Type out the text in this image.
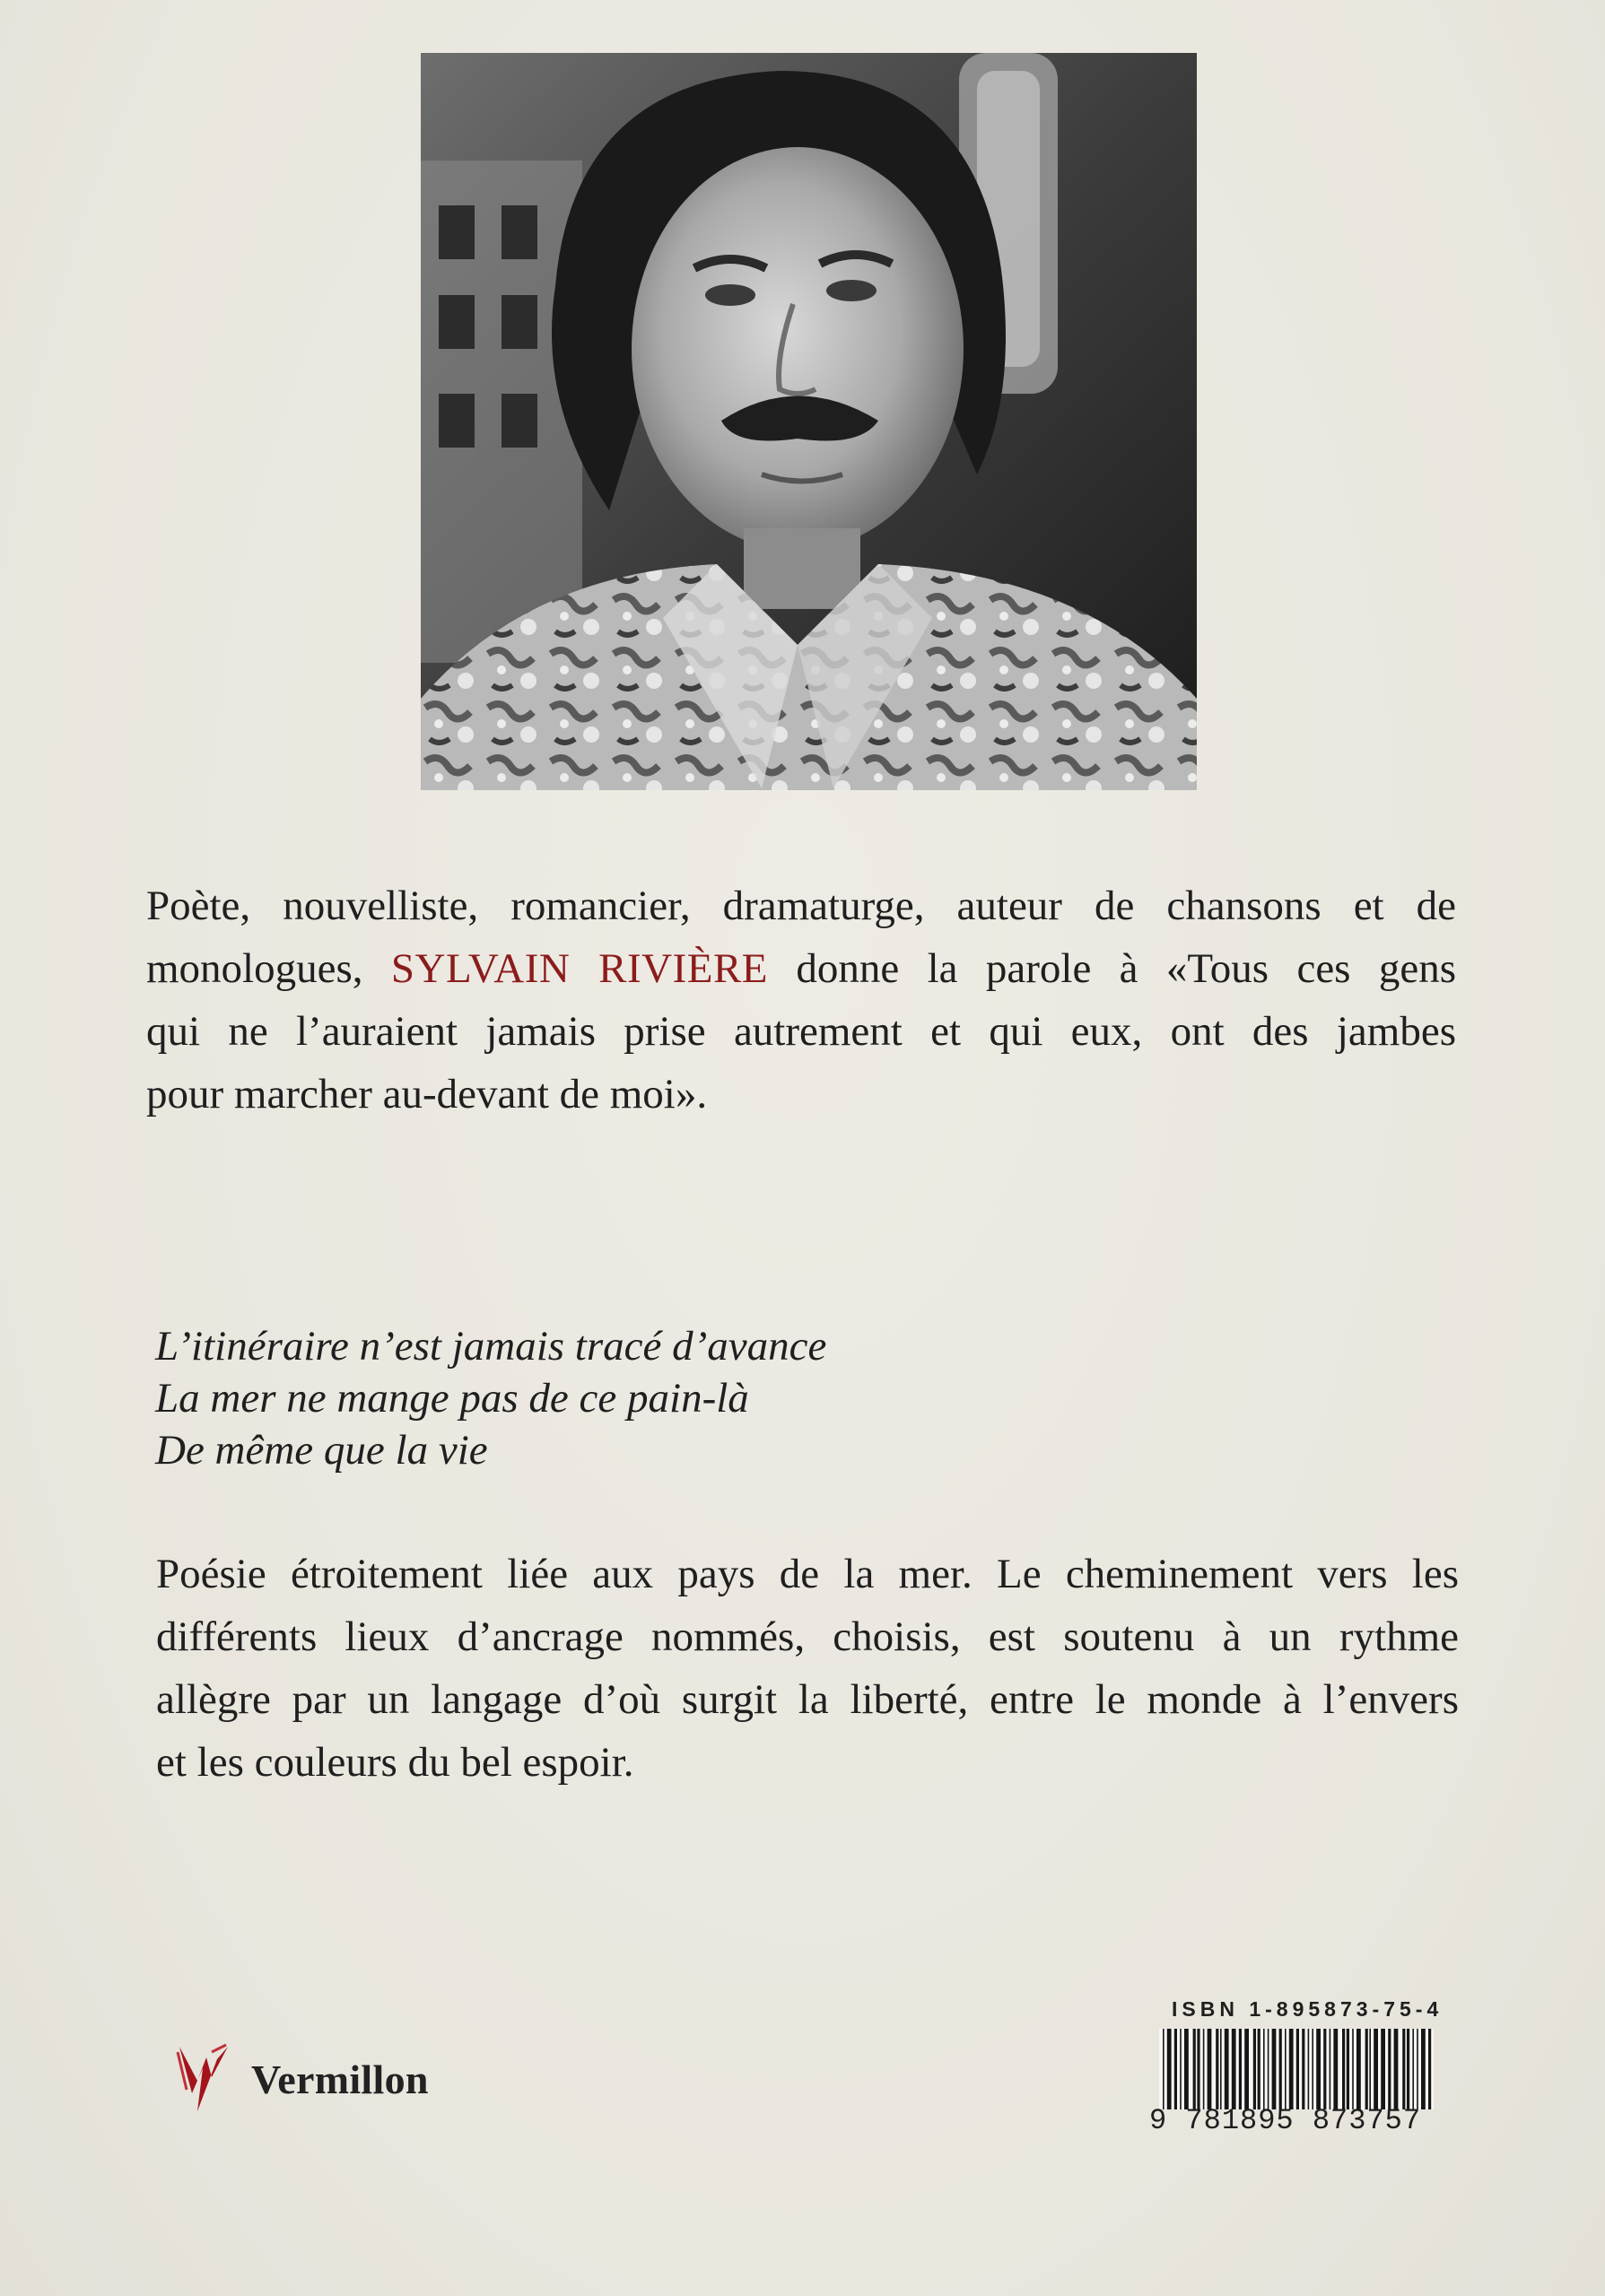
Poète, nouvelliste, romancier, dramaturge, auteur de chansons et de
monologues, SYLVAIN RIVIÈRE donne la parole à «Tous ces gens
qui ne l’auraient jamais prise autrement et qui eux, ont des jambes
pour marcher au-devant de moi».

L’itinéraire n’est jamais tracé d’avance
La mer ne mange pas de ce pain-là
De même que la vie

Poésie étroitement liée aux pays de la mer. Le cheminement vers les
différents lieux d’ancrage nommés, choisis, est soutenu à un rythme
allègre par un langage d’où surgit la liberté, entre le monde à l’envers
et les couleurs du bel espoir.

Vermillon
ISBN 1-895873-75-4
9 781895 873757
